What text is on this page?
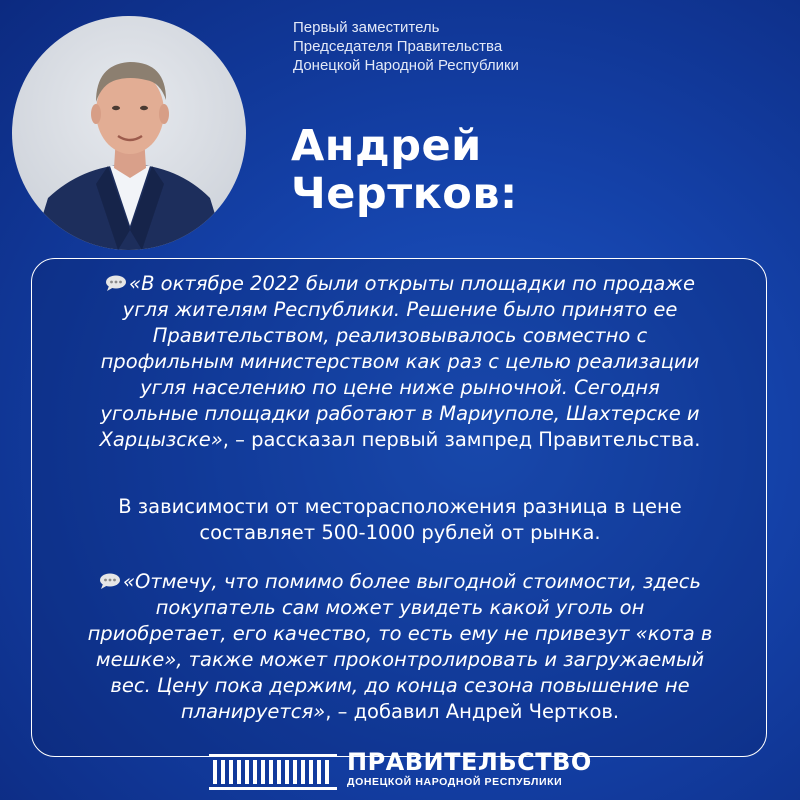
Первый заместитель
Председателя Правительства
Донецкой Народной Республики
Андрей
Чертков:
«В октябре 2022 были открыты площадки по продаже
угля жителям Республики. Решение было принято ее
Правительством, реализовывалось совместно с
профильным министерством как раз с целью реализации
угля населению по цене ниже рыночной. Сегодня
угольные площадки работают в Мариуполе, Шахтерске и
Харцызске», – рассказал первый зампред Правительства.
В зависимости от месторасположения разница в цене
составляет 500-1000 рублей от рынка.
«Отмечу, что помимо более выгодной стоимости, здесь
покупатель сам может увидеть какой уголь он
приобретает, его качество, то есть ему не привезут «кота в
мешке», также может проконтролировать и загружаемый
вес. Цену пока держим, до конца сезона повышение не
планируется», – добавил Андрей Чертков.
ПРАВИТЕЛЬСТВО
ДОНЕЦКОЙ НАРОДНОЙ РЕСПУБЛИКИ
